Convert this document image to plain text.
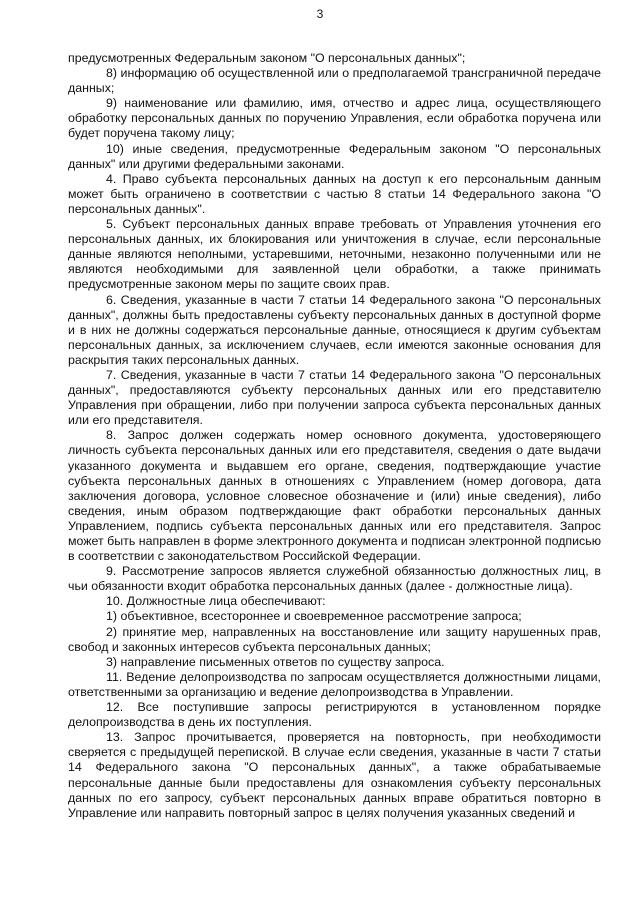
3

предусмотренных Федеральным законом "О персональных данных";

8) информацию об осуществленной или о предполагаемой трансграничной передаче данных;

9) наименование или фамилию, имя, отчество и адрес лица, осуществляющего обработку персональных данных по поручению Управления, если обработка поручена или будет поручена такому лицу;

10) иные сведения, предусмотренные Федеральным законом "О персональных данных" или другими федеральными законами.

4. Право субъекта персональных данных на доступ к его персональным данным может быть ограничено в соответствии с частью 8 статьи 14 Федерального закона "О персональных данных".

5. Субъект персональных данных вправе требовать от Управления уточнения его персональных данных, их блокирования или уничтожения в случае, если персональные данные являются неполными, устаревшими, неточными, незаконно полученными или не являются необходимыми для заявленной цели обработки, а также принимать предусмотренные законом меры по защите своих прав.

6. Сведения, указанные в части 7 статьи 14 Федерального закона "О персональных данных", должны быть предоставлены субъекту персональных данных в доступной форме и в них не должны содержаться персональные данные, относящиеся к другим субъектам персональных данных, за исключением случаев, если имеются законные основания для раскрытия таких персональных данных.

7. Сведения, указанные в части 7 статьи 14 Федерального закона "О персональных данных", предоставляются субъекту персональных данных или его представителю Управления при обращении, либо при получении запроса субъекта персональных данных или его представителя.

8. Запрос должен содержать номер основного документа, удостоверяющего личность субъекта персональных данных или его представителя, сведения о дате выдачи указанного документа и выдавшем его органе, сведения, подтверждающие участие субъекта персональных данных в отношениях с Управлением (номер договора, дата заключения договора, условное словесное обозначение и (или) иные сведения), либо сведения, иным образом подтверждающие факт обработки персональных данных Управлением, подпись субъекта персональных данных или его представителя. Запрос может быть направлен в форме электронного документа и подписан электронной подписью в соответствии с законодательством Российской Федерации.

9. Рассмотрение запросов является служебной обязанностью должностных лиц, в чьи обязанности входит обработка персональных данных (далее - должностные лица).

10. Должностные лица обеспечивают:

1) объективное, всестороннее и своевременное рассмотрение запроса;

2) принятие мер, направленных на восстановление или защиту нарушенных прав, свобод и законных интересов субъекта персональных данных;

3) направление письменных ответов по существу запроса.

11. Ведение делопроизводства по запросам осуществляется должностными лицами, ответственными за организацию и ведение делопроизводства в Управлении.

12. Все поступившие запросы регистрируются в установленном порядке делопроизводства в день их поступления.

13. Запрос прочитывается, проверяется на повторность, при необходимости сверяется с предыдущей перепиской. В случае если сведения, указанные в части 7 статьи 14 Федерального закона "О персональных данных", а также обрабатываемые персональные данные были предоставлены для ознакомления субъекту персональных данных по его запросу, субъект персональных данных вправе обратиться повторно в Управление или направить повторный запрос в целях получения указанных сведений и
